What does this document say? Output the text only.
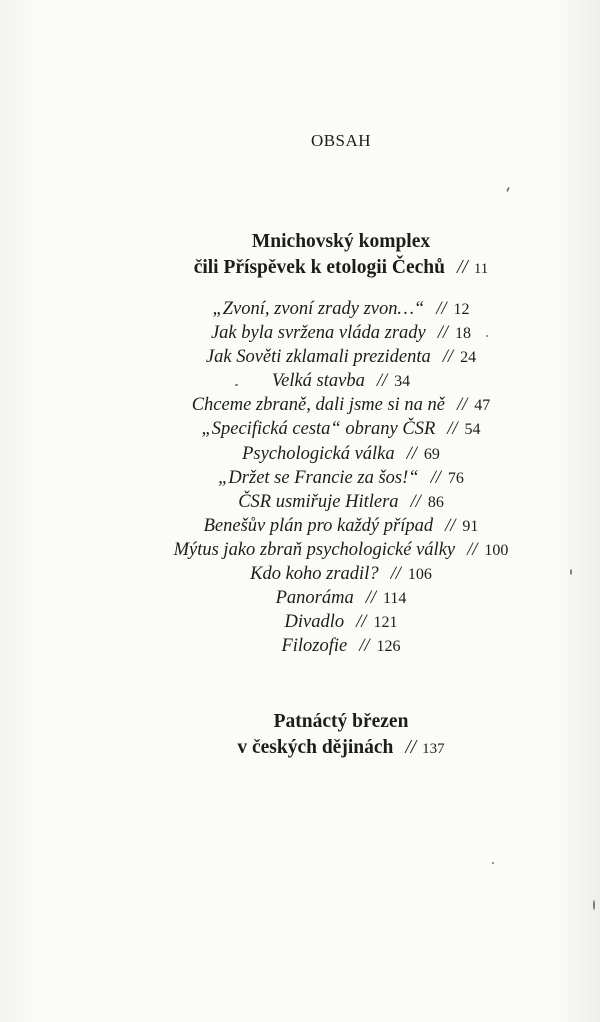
OBSAH
Mnichovský komplex
čili Příspěvek k etologii Čechů // 11
„Zvoní, zvoní zrady zvon…“ // 12
Jak byla svržena vláda zrady // 18
Jak Sověti zklamali prezidenta // 24
Velká stavba // 34
Chceme zbraně, dali jsme si na ně // 47
„Specifická cesta“ obrany ČSR // 54
Psychologická válka // 69
„Držet se Francie za šos!“ // 76
ČSR usmiřuje Hitlera // 86
Benešův plán pro každý případ // 91
Mýtus jako zbraň psychologické války // 100
Kdo koho zradil? // 106
Panoráma // 114
Divadlo // 121
Filozofie // 126
Patnáctý březen
v českých dějinách // 137
